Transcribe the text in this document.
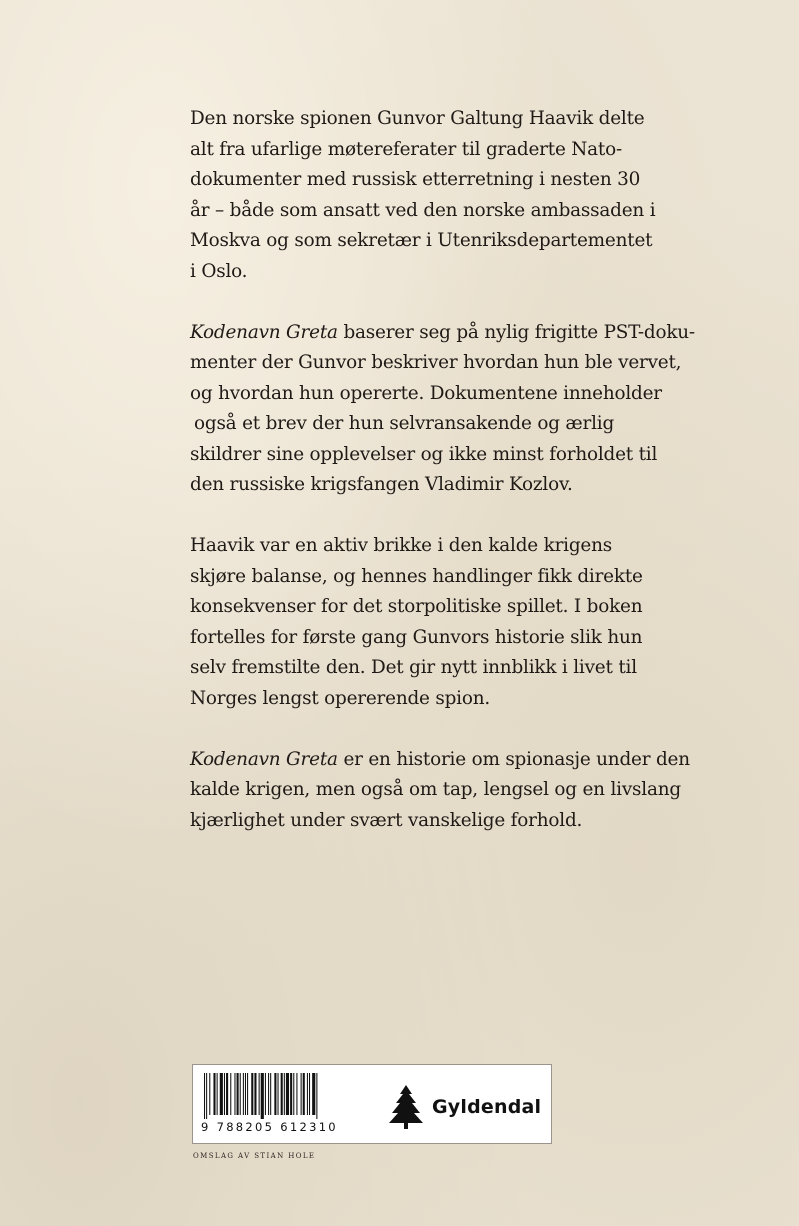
Den norske spionen Gunvor Galtung Haavik delte
alt fra ufarlige møtereferater til graderte Nato-
dokumenter med russisk etterretning i nesten 30
år – både som ansatt ved den norske ambassaden i
Moskva og som sekretær i Utenriksdepartementet
i Oslo.

Kodenavn Greta baserer seg på nylig frigitte PST-doku-
menter der Gunvor beskriver hvordan hun ble vervet,
og hvordan hun opererte. Dokumentene inneholder
også et brev der hun selvransakende og ærlig
skildrer sine opplevelser og ikke minst forholdet til
den russiske krigsfangen Vladimir Kozlov.

Haavik var en aktiv brikke i den kalde krigens
skjøre balanse, og hennes handlinger fikk direkte
konsekvenser for det storpolitiske spillet. I boken
fortelles for første gang Gunvors historie slik hun
selv fremstilte den. Det gir nytt innblikk i livet til
Norges lengst opererende spion.

Kodenavn Greta er en historie om spionasje under den
kalde krigen, men også om tap, lengsel og en livslang
kjærlighet under svært vanskelige forhold.

9 788205 612310
Gyldendal
OMSLAG AV STIAN HOLE
